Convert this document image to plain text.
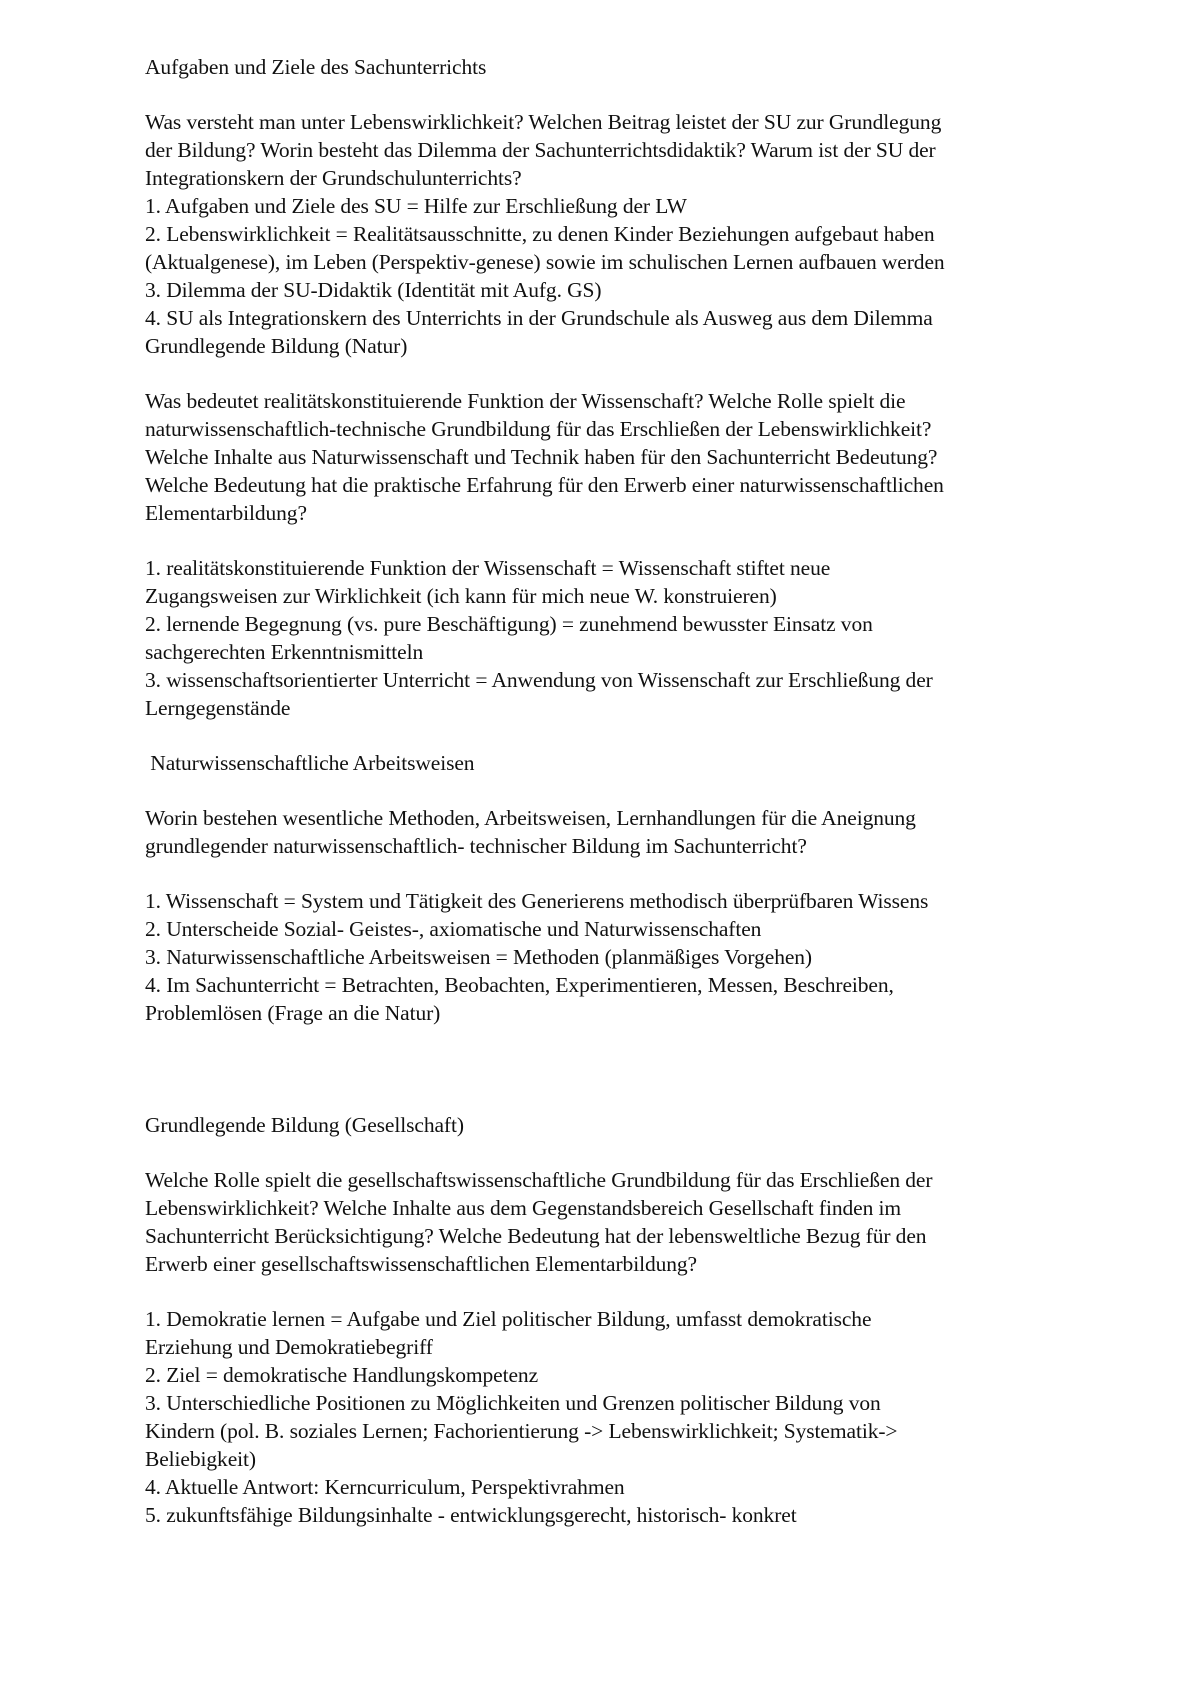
Aufgaben und Ziele des Sachunterrichts

Was versteht man unter Lebenswirklichkeit? Welchen Beitrag leistet der SU zur Grundlegung
der Bildung? Worin besteht das Dilemma der Sachunterrichtsdidaktik? Warum ist der SU der
Integrationskern der Grundschulunterrichts?

1. Aufgaben und Ziele des SU = Hilfe zur Erschließung der LW
2. Lebenswirklichkeit = Realitätsausschnitte, zu denen Kinder Beziehungen aufgebaut haben
(Aktualgenese), im Leben (Perspektiv-genese) sowie im schulischen Lernen aufbauen werden
3. Dilemma der SU-Didaktik (Identität mit Aufg. GS)
4. SU als Integrationskern des Unterrichts in der Grundschule als Ausweg aus dem Dilemma
Grundlegende Bildung (Natur)

Was bedeutet realitätskonstituierende Funktion der Wissenschaft? Welche Rolle spielt die
naturwissenschaftlich-technische Grundbildung für das Erschließen der Lebenswirklichkeit?
Welche Inhalte aus Naturwissenschaft und Technik haben für den Sachunterricht Bedeutung?
Welche Bedeutung hat die praktische Erfahrung für den Erwerb einer naturwissenschaftlichen
Elementarbildung?

1. realitätskonstituierende Funktion der Wissenschaft = Wissenschaft stiftet neue
Zugangsweisen zur Wirklichkeit (ich kann für mich neue W. konstruieren)
2. lernende Begegnung (vs. pure Beschäftigung) = zunehmend bewusster Einsatz von
sachgerechten Erkenntnismitteln
3. wissenschaftsorientierter Unterricht = Anwendung von Wissenschaft zur Erschließung der
Lerngegenstände

Naturwissenschaftliche Arbeitsweisen

Worin bestehen wesentliche Methoden, Arbeitsweisen, Lernhandlungen für die Aneignung
grundlegender naturwissenschaftlich- technischer Bildung im Sachunterricht?

1. Wissenschaft = System und Tätigkeit des Generierens methodisch überprüfbaren Wissens
2. Unterscheide Sozial- Geistes-, axiomatische und Naturwissenschaften
3. Naturwissenschaftliche Arbeitsweisen = Methoden (planmäßiges Vorgehen)
4. Im Sachunterricht = Betrachten, Beobachten, Experimentieren, Messen, Beschreiben,
Problemlösen (Frage an die Natur)

Grundlegende Bildung (Gesellschaft)

Welche Rolle spielt die gesellschaftswissenschaftliche Grundbildung für das Erschließen der
Lebenswirklichkeit? Welche Inhalte aus dem Gegenstandsbereich Gesellschaft finden im
Sachunterricht Berücksichtigung? Welche Bedeutung hat der lebensweltliche Bezug für den
Erwerb einer gesellschaftswissenschaftlichen Elementarbildung?

1. Demokratie lernen = Aufgabe und Ziel politischer Bildung, umfasst demokratische
Erziehung und Demokratiebegriff
2. Ziel = demokratische Handlungskompetenz
3. Unterschiedliche Positionen zu Möglichkeiten und Grenzen politischer Bildung von
Kindern (pol. B. soziales Lernen; Fachorientierung -> Lebenswirklichkeit; Systematik->
Beliebigkeit)
4. Aktuelle Antwort: Kerncurriculum, Perspektivrahmen
5. zukunftsfähige Bildungsinhalte - entwicklungsgerecht, historisch- konkret
